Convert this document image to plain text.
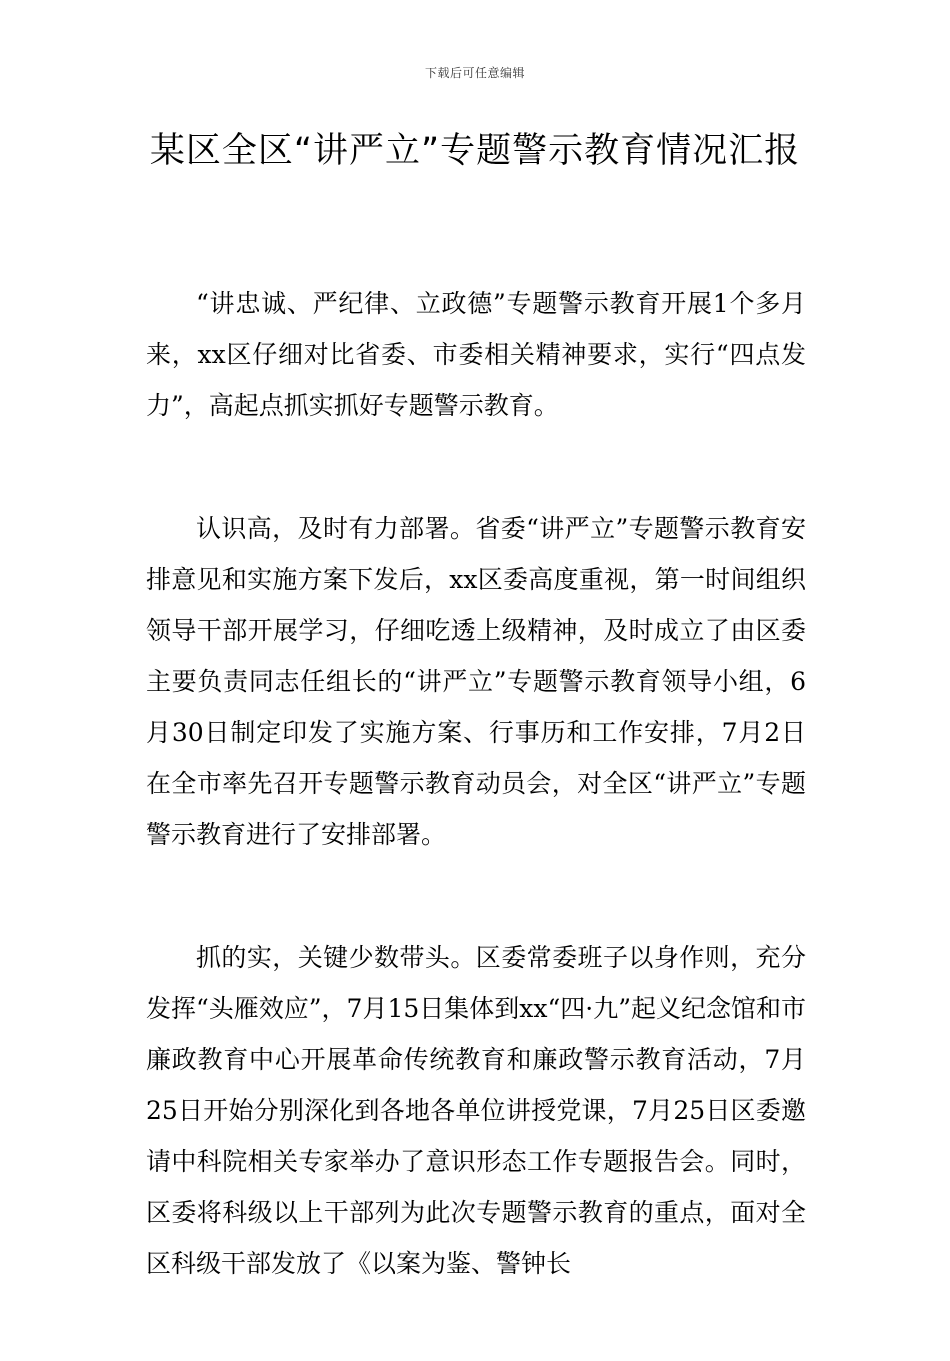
下载后可任意编辑
某区全区“讲严立”专题警示教育情况汇报

“讲忠诚、严纪律、立政德”专题警示教育开展1个多月来，xx区仔细对比省委、市委相关精神要求，实行“四点发力”，高起点抓实抓好专题警示教育。

认识高，及时有力部署。省委“讲严立”专题警示教育安排意见和实施方案下发后，xx区委高度重视，第一时间组织领导干部开展学习，仔细吃透上级精神，及时成立了由区委主要负责同志任组长的“讲严立”专题警示教育领导小组，6月30日制定印发了实施方案、行事历和工作安排，7月2日在全市率先召开专题警示教育动员会，对全区“讲严立”专题警示教育进行了安排部署。

抓的实，关键少数带头。区委常委班子以身作则，充分发挥“头雁效应”，7月15日集体到xx“四·九”起义纪念馆和市廉政教育中心开展革命传统教育和廉政警示教育活动，7月25日开始分别深化到各地各单位讲授党课，7月25日区委邀请中科院相关专家举办了意识形态工作专题报告会。同时，区委将科级以上干部列为此次专题警示教育的重点，面对全区科级干部发放了《以案为鉴、警钟长
